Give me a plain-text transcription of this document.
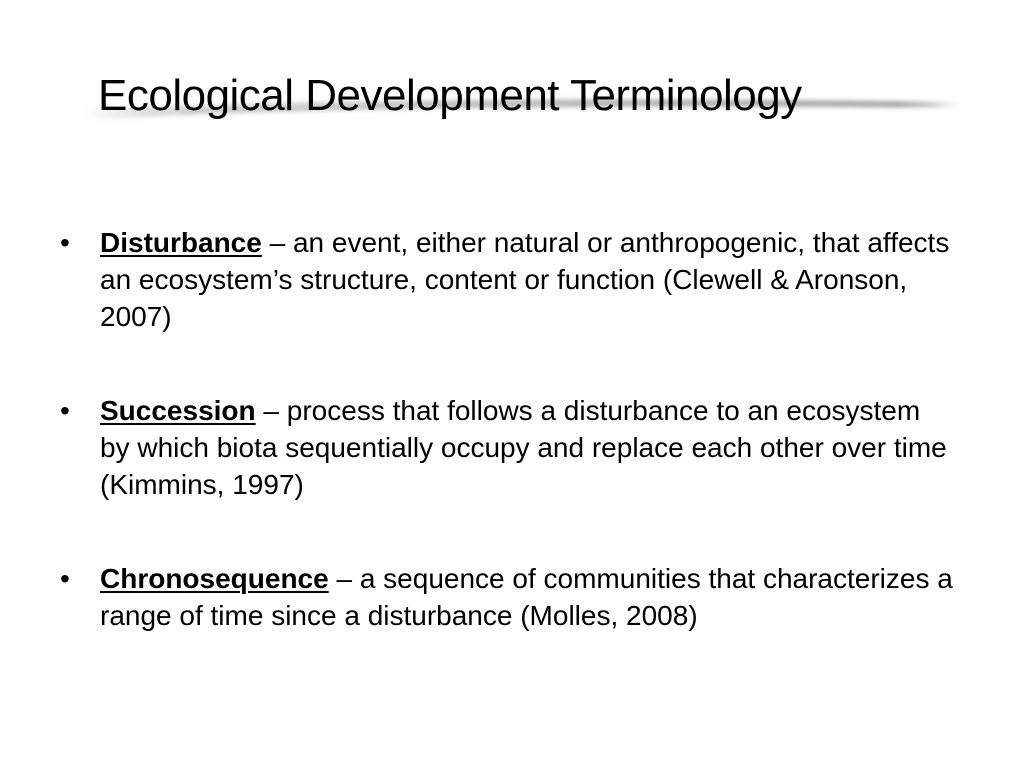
Ecological Development Terminology
• Disturbance – an event, either natural or anthropogenic, that affects an ecosystem’s structure, content or function (Clewell & Aronson, 2007)
• Succession – process that follows a disturbance to an ecosystem by which biota sequentially occupy and replace each other over time (Kimmins, 1997)
• Chronosequence – a sequence of communities that characterizes a range of time since a disturbance (Molles, 2008)
